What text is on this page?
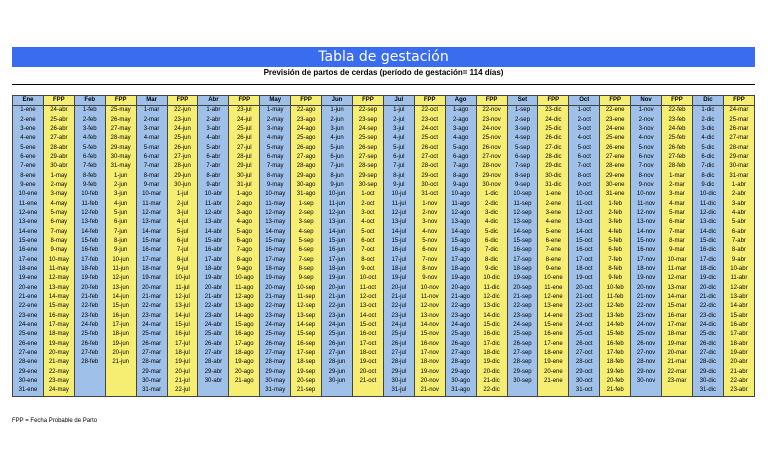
Tabla de gestación
Previsión de partos de cerdas (período de gestación= 114 días)
Ene	FPP	Feb	FPP	Mar	FPP	Abr	FPP	May	FPP	Jun	FPP	Jul	FPP	Ago	FPP	Set	FPP	Oct	FPP	Nov	FPP	Dic	FPP
1-ene	24-abr	1-feb	25-may	1-mar	22-jun	1-abr	23-jul	1-may	22-ago	1-jun	22-sep	1-jul	22-oct	1-ago	22-nov	1-sep	23-dic	1-oct	22-ene	1-nov	22-feb	1-dic	24-mar
2-ene	25-abr	2-feb	26-may	2-mar	23-jun	2-abr	24-jul	2-may	23-ago	2-jun	23-sep	2-jul	23-oct	2-ago	23-nov	2-sep	24-dic	2-oct	23-ene	2-nov	23-feb	2-dic	25-mar
3-ene	26-abr	3-feb	27-may	3-mar	24-jun	3-abr	25-jul	3-may	24-ago	3-jun	24-sep	3-jul	24-oct	3-ago	24-nov	3-sep	25-dic	3-oct	24-ene	3-nov	24-feb	3-dic	26-mar
4-ene	27-abr	4-feb	28-may	4-mar	25-jun	4-abr	26-jul	4-may	25-ago	4-jun	25-sep	4-jul	25-oct	4-ago	25-nov	4-sep	26-dic	4-oct	25-ene	4-nov	25-feb	4-dic	27-mar
5-ene	28-abr	5-feb	29-may	5-mar	26-jun	5-abr	27-jul	5-may	26-ago	5-jun	26-sep	5-jul	26-oct	5-ago	26-nov	5-sep	27-dic	5-oct	26-ene	5-nov	26-feb	5-dic	28-mar
6-ene	29-abr	6-feb	30-may	6-mar	27-jun	6-abr	28-jul	6-may	27-ago	6-jun	27-sep	6-jul	27-oct	6-ago	27-nov	6-sep	28-dic	6-oct	27-ene	6-nov	27-feb	6-dic	29-mar
7-ene	30-abr	7-feb	31-may	7-mar	28-jun	7-abr	29-jul	7-may	28-ago	7-jun	28-sep	7-jul	28-oct	7-ago	28-nov	7-sep	29-dic	7-oct	28-ene	7-nov	28-feb	7-dic	30-mar
8-ene	1-may	8-feb	1-jun	8-mar	29-jun	8-abr	30-jul	8-may	29-ago	8-jun	29-sep	8-jul	29-oct	8-ago	29-nov	8-sep	30-dic	8-oct	29-ene	8-nov	1-mar	8-dic	31-mar
9-ene	2-may	9-feb	2-jun	9-mar	30-jun	9-abr	31-jul	9-may	30-ago	9-jun	30-sep	9-jul	30-oct	9-ago	30-nov	9-sep	31-dic	9-oct	30-ene	9-nov	2-mar	9-dic	1-abr
10-ene	3-may	10-feb	3-jun	10-mar	1-jul	10-abr	1-ago	10-may	31-ago	10-jun	1-oct	10-jul	31-oct	10-ago	1-dic	10-sep	1-ene	10-oct	31-ene	10-nov	3-mar	10-dic	2-abr
11-ene	4-may	11-feb	4-jun	11-mar	2-jul	11-abr	2-ago	11-may	1-sep	11-jun	2-oct	11-jul	1-nov	11-ago	2-dic	11-sep	2-ene	11-oct	1-feb	11-nov	4-mar	11-dic	3-abr
12-ene	5-may	12-feb	5-jun	12-mar	3-jul	12-abr	3-ago	12-may	2-sep	12-jun	3-oct	12-jul	2-nov	12-ago	3-dic	12-sep	3-ene	12-oct	2-feb	12-nov	5-mar	12-dic	4-abr
13-ene	6-may	13-feb	6-jun	13-mar	4-jul	13-abr	4-ago	13-may	3-sep	13-jun	4-oct	13-jul	3-nov	13-ago	4-dic	13-sep	4-ene	13-oct	3-feb	13-nov	6-mar	13-dic	5-abr
14-ene	7-may	14-feb	7-jun	14-mar	5-jul	14-abr	5-ago	14-may	4-sep	14-jun	5-oct	14-jul	4-nov	14-ago	5-dic	14-sep	5-ene	14-oct	4-feb	14-nov	7-mar	14-dic	6-abr
15-ene	8-may	15-feb	8-jun	15-mar	6-jul	15-abr	6-ago	15-may	5-sep	15-jun	6-oct	15-jul	5-nov	15-ago	6-dic	15-sep	6-ene	15-oct	5-feb	15-nov	8-mar	15-dic	7-abr
16-ene	9-may	16-feb	9-jun	16-mar	7-jul	16-abr	7-ago	16-may	6-sep	16-jun	7-oct	16-jul	6-nov	16-ago	7-dic	16-sep	7-ene	16-oct	6-feb	16-nov	9-mar	16-dic	8-abr
17-ene	10-may	17-feb	10-jun	17-mar	8-jul	17-abr	8-ago	17-may	7-sep	17-jun	8-oct	17-jul	7-nov	17-ago	8-dic	17-sep	8-ene	17-oct	7-feb	17-nov	10-mar	17-dic	9-abr
18-ene	11-may	18-feb	11-jun	18-mar	9-jul	18-abr	9-ago	18-may	8-sep	18-jun	9-oct	18-jul	8-nov	18-ago	9-dic	18-sep	9-ene	18-oct	8-feb	18-nov	11-mar	18-dic	10-abr
19-ene	12-may	19-feb	12-jun	19-mar	10-jul	19-abr	10-ago	19-may	9-sep	19-jun	10-oct	19-jul	9-nov	19-ago	10-dic	19-sep	10-ene	19-oct	9-feb	19-nov	12-mar	19-dic	11-abr
20-ene	13-may	20-feb	13-jun	20-mar	11-jul	20-abr	11-ago	20-may	10-sep	20-jun	11-oct	20-jul	10-nov	20-ago	11-dic	20-sep	11-ene	20-oct	10-feb	20-nov	13-mar	20-dic	12-abr
21-ene	14-may	21-feb	14-jun	21-mar	12-jul	21-abr	12-ago	21-may	11-sep	21-jun	12-oct	21-jul	11-nov	21-ago	12-dic	21-sep	12-ene	21-oct	11-feb	21-nov	14-mar	21-dic	13-abr
22-ene	15-may	22-feb	15-jun	22-mar	13-jul	22-abr	13-ago	22-may	12-sep	22-jun	13-oct	22-jul	12-nov	22-ago	13-dic	22-sep	13-ene	22-oct	12-feb	22-nov	15-mar	22-dic	14-abr
23-ene	16-may	23-feb	16-jun	23-mar	14-jul	23-abr	14-ago	23-may	13-sep	23-jun	14-oct	23-jul	13-nov	23-ago	14-dic	23-sep	14-ene	23-oct	13-feb	23-nov	16-mar	23-dic	15-abr
24-ene	17-may	24-feb	17-jun	24-mar	15-jul	24-abr	15-ago	24-may	14-sep	24-jun	15-oct	24-jul	14-nov	24-ago	15-dic	24-sep	15-ene	24-oct	14-feb	24-nov	17-mar	24-dic	16-abr
25-ene	18-may	25-feb	18-jun	25-mar	16-jul	25-abr	16-ago	25-may	15-sep	25-jun	16-oct	25-jul	15-nov	25-ago	16-dic	25-sep	16-ene	25-oct	15-feb	25-nov	18-mar	25-dic	17-abr
26-ene	19-may	26-feb	19-jun	26-mar	17-jul	26-abr	17-ago	26-may	16-sep	26-jun	17-oct	26-jul	16-nov	26-ago	17-dic	26-sep	17-ene	26-oct	16-feb	26-nov	19-mar	26-dic	18-abr
27-ene	20-may	27-feb	20-jun	27-mar	18-jul	27-abr	18-ago	27-may	17-sep	27-jun	18-oct	27-jul	17-nov	27-ago	18-dic	27-sep	18-ene	27-oct	17-feb	27-nov	20-mar	27-dic	19-abr
28-ene	21-may	28-feb	21-jun	28-mar	19-jul	28-abr	19-ago	28-may	18-sep	28-jun	19-oct	28-jul	18-nov	28-ago	19-dic	28-sep	19-ene	28-oct	18-feb	28-nov	21-mar	28-dic	20-abr
29-ene	22-may			29-mar	20-jul	29-abr	20-ago	29-may	19-sep	29-jun	20-oct	29-jul	19-nov	29-ago	20-dic	29-sep	20-ene	29-oct	19-feb	29-nov	22-mar	29-dic	21-abr
30-ene	23-may			30-mar	21-jul	30-abr	21-ago	30-may	20-sep	30-jun	21-oct	30-jul	20-nov	30-ago	21-dic	30-sep	21-ene	30-oct	20-feb	30-nov	23-mar	30-dic	22-abr
31-ene	24-may			31-mar	22-jul			31-may	21-sep			31-jul	21-nov	31-ago	22-dic			31-oct	21-feb			31-dic	23-abr
FPP = Fecha Probable de Parto
